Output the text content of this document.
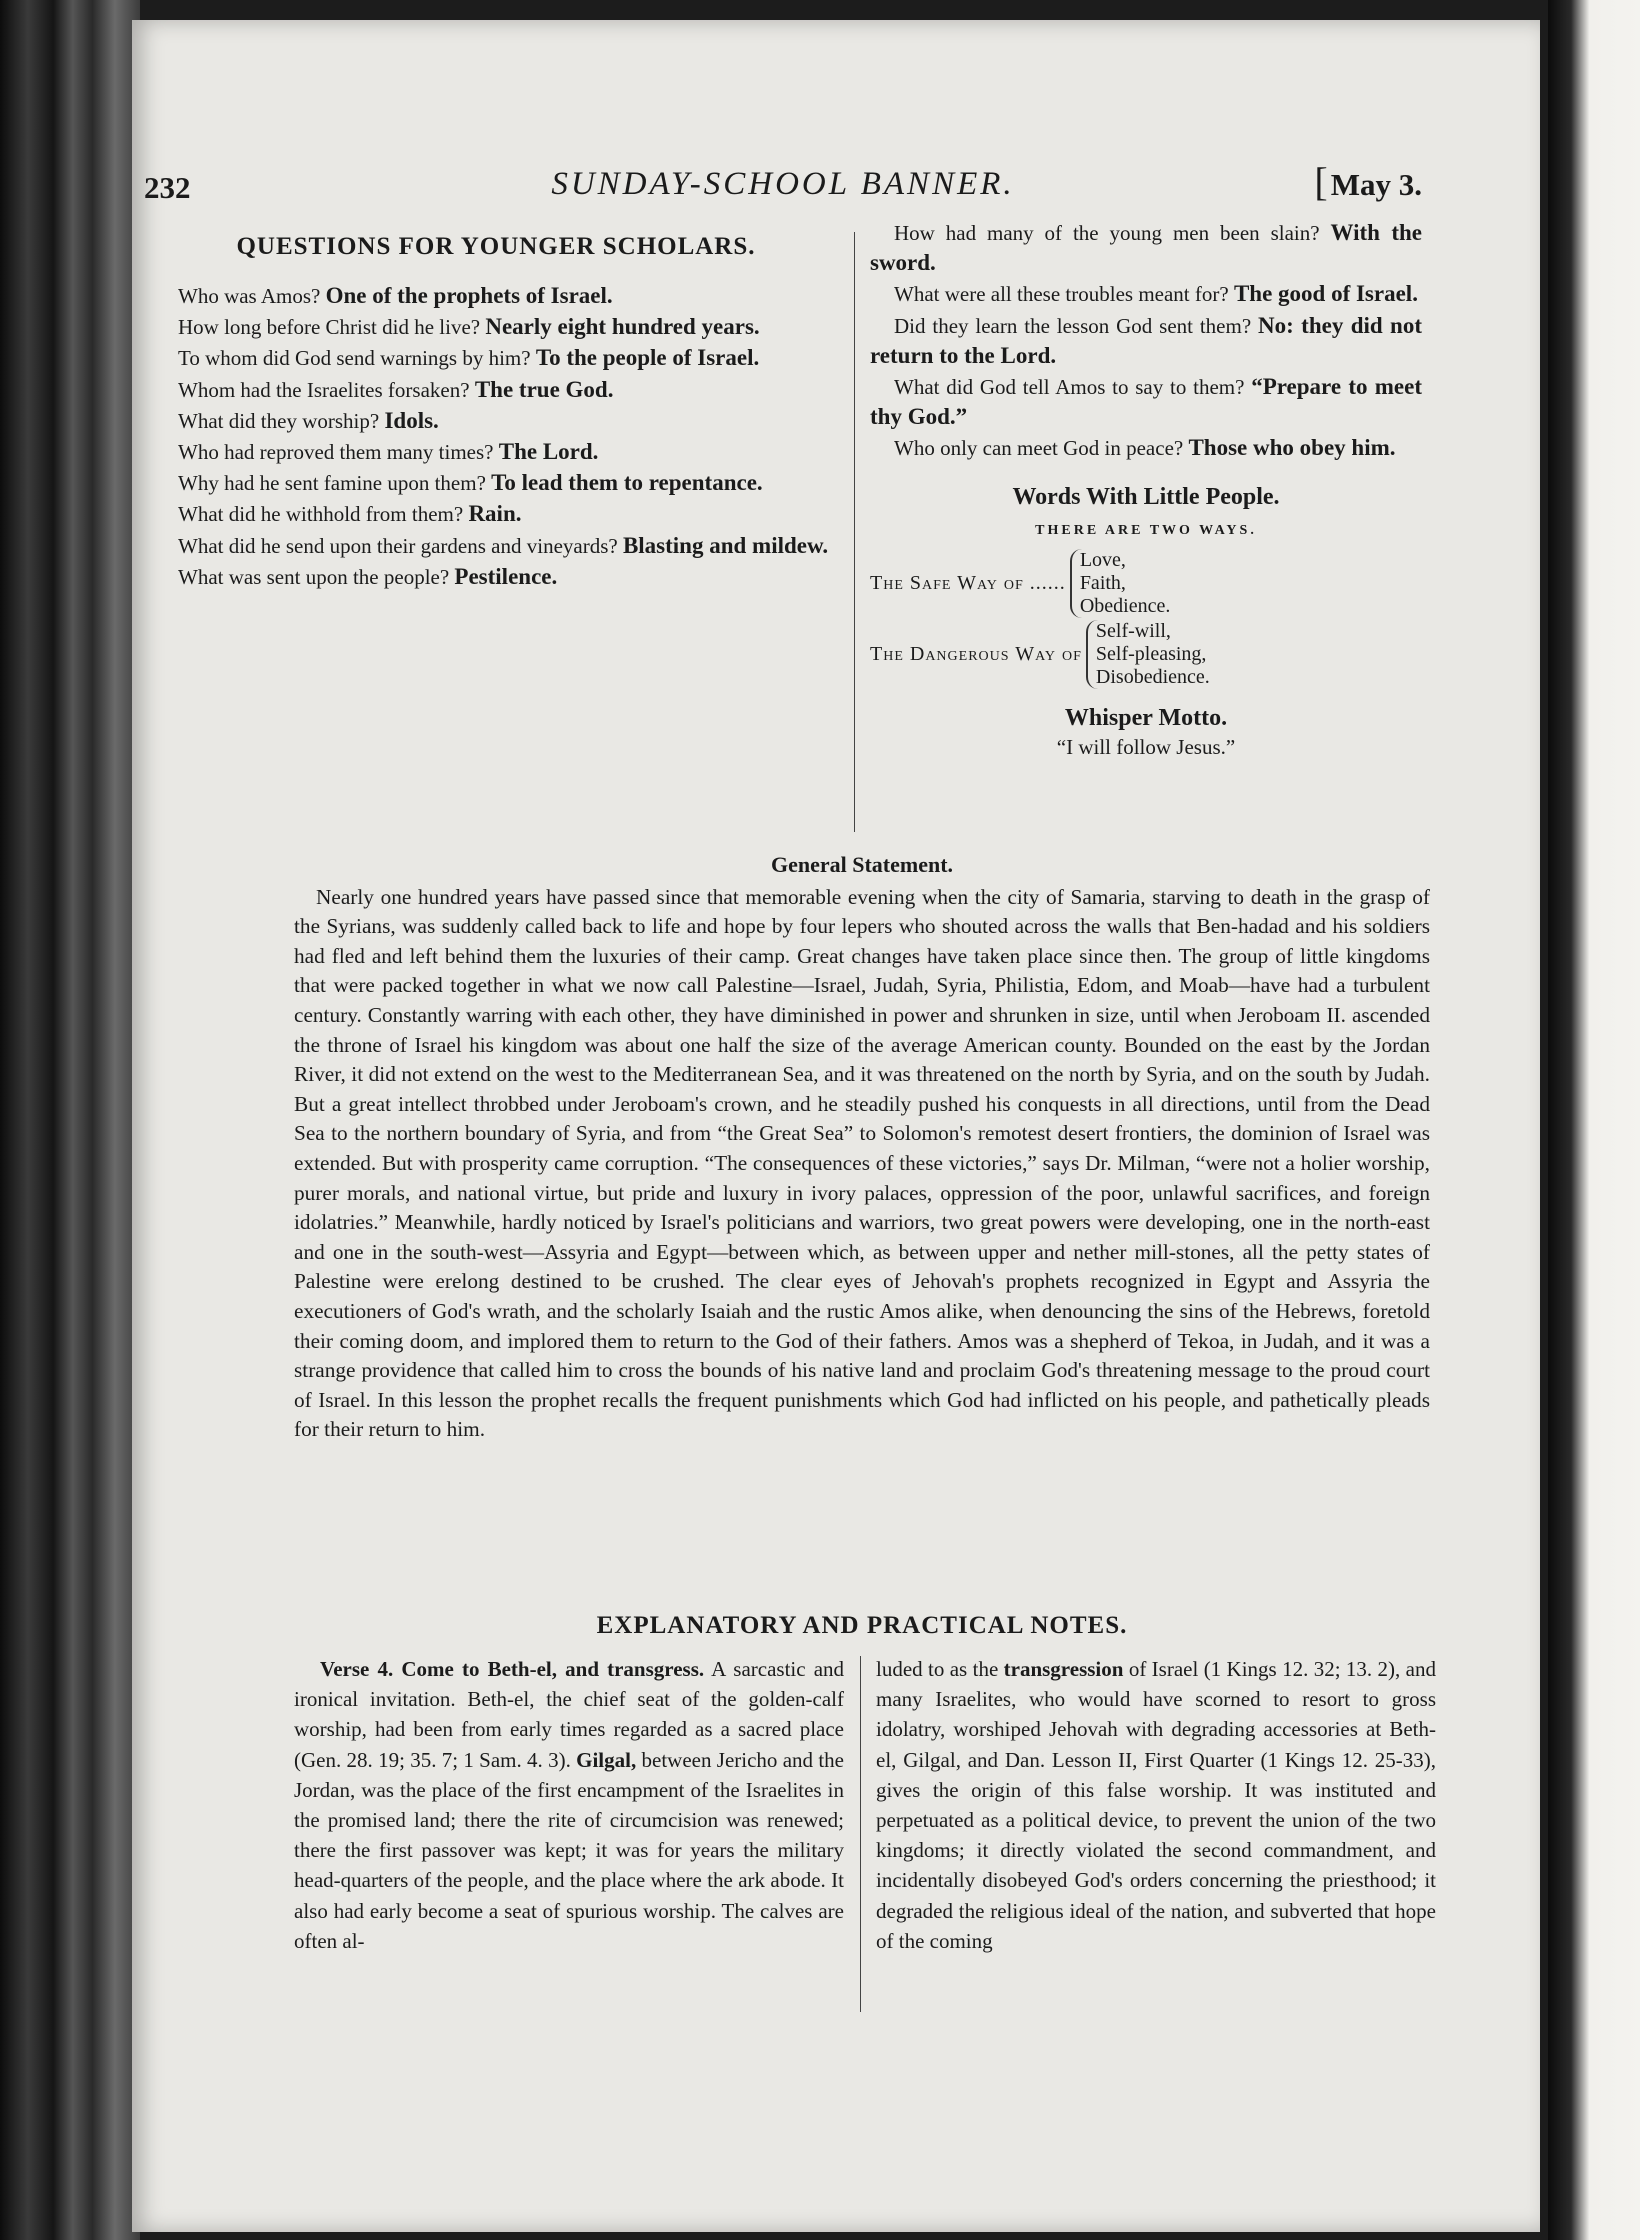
232	SUNDAY-SCHOOL BANNER.	[May 3.
QUESTIONS FOR YOUNGER SCHOLARS.

Who was Amos? One of the prophets of Israel.

How long before Christ did he live? Nearly eight hundred years.

To whom did God send warnings by him? To the people of Israel.

Whom had the Israelites forsaken? The true God.

What did they worship? Idols.

Who had reproved them many times? The Lord.

Why had he sent famine upon them? To lead them to repentance.

What did he withhold from them? Rain.

What did he send upon their gardens and vineyards? Blasting and mildew.

What was sent upon the people? Pestilence.

How had many of the young men been slain? With the sword.

What were all these troubles meant for? The good of Israel.

Did they learn the lesson God sent them? No: they did not return to the Lord.

What did God tell Amos to say to them? “Prepare to meet thy God.”

Who only can meet God in peace? Those who obey him.

Words With Little People.
THERE ARE TWO WAYS.
The Safe Way of ......
Love,
Faith,
Obedience.
The Dangerous Way of
Self-will,
Self-pleasing,
Disobedience.
Whisper Motto.
“I will follow Jesus.”
General Statement.

Nearly one hundred years have passed since that memorable evening when the city of Samaria, starving to death in the grasp of the Syrians, was suddenly called back to life and hope by four lepers who shouted across the walls that Ben-hadad and his soldiers had fled and left behind them the luxuries of their camp. Great changes have taken place since then. The group of little kingdoms that were packed together in what we now call Palestine—Israel, Judah, Syria, Philistia, Edom, and Moab—have had a turbulent century. Constantly warring with each other, they have diminished in power and shrunken in size, until when Jeroboam II. ascended the throne of Israel his kingdom was about one half the size of the average American county. Bounded on the east by the Jordan River, it did not extend on the west to the Mediterranean Sea, and it was threatened on the north by Syria, and on the south by Judah. But a great intellect throbbed under Jeroboam's crown, and he steadily pushed his conquests in all directions, until from the Dead Sea to the northern boundary of Syria, and from “the Great Sea” to Solomon's remotest desert frontiers, the dominion of Israel was extended. But with prosperity came corruption. “The consequences of these victories,” says Dr. Milman, “were not a holier worship, purer morals, and national virtue, but pride and luxury in ivory palaces, oppression of the poor, unlawful sacrifices, and foreign idolatries.” Meanwhile, hardly noticed by Israel's politicians and warriors, two great powers were developing, one in the north-east and one in the south-west—Assyria and Egypt—between which, as between upper and nether mill-stones, all the petty states of Palestine were erelong destined to be crushed. The clear eyes of Jehovah's prophets recognized in Egypt and Assyria the executioners of God's wrath, and the scholarly Isaiah and the rustic Amos alike, when denouncing the sins of the Hebrews, foretold their coming doom, and implored them to return to the God of their fathers. Amos was a shepherd of Tekoa, in Judah, and it was a strange providence that called him to cross the bounds of his native land and proclaim God's threatening message to the proud court of Israel. In this lesson the prophet recalls the frequent punishments which God had inflicted on his people, and pathetically pleads for their return to him.

EXPLANATORY AND PRACTICAL NOTES.

Verse 4. Come to Beth-el, and transgress. A sarcastic and ironical invitation. Beth-el, the chief seat of the golden-calf worship, had been from early times regarded as a sacred place (Gen. 28. 19; 35. 7; 1 Sam. 4. 3). Gilgal, between Jericho and the Jordan, was the place of the first encampment of the Israelites in the promised land; there the rite of circumcision was renewed; there the first passover was kept; it was for years the military head-quarters of the people, and the place where the ark abode. It also had early become a seat of spurious worship. The calves are often al-

luded to as the transgression of Israel (1 Kings 12. 32; 13. 2), and many Israelites, who would have scorned to resort to gross idolatry, worshiped Jehovah with degrading accessories at Beth-el, Gilgal, and Dan. Lesson II, First Quarter (1 Kings 12. 25-33), gives the origin of this false worship. It was instituted and perpetuated as a political device, to prevent the union of the two kingdoms; it directly violated the second commandment, and incidentally disobeyed God's orders concerning the priesthood; it degraded the religious ideal of the nation, and subverted that hope of the coming
